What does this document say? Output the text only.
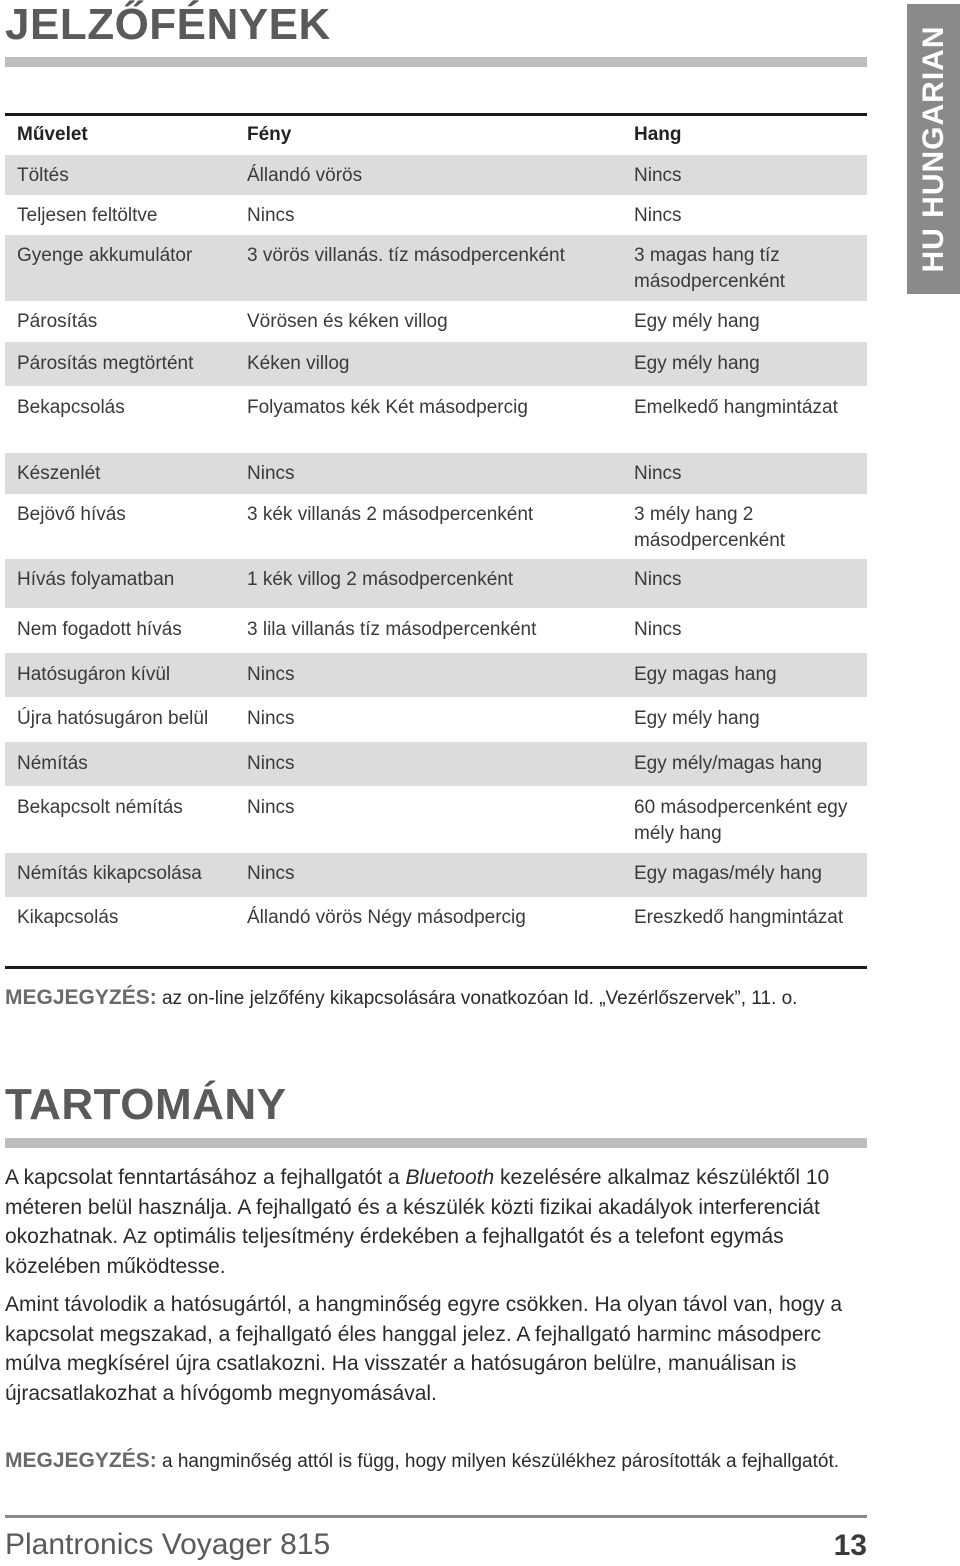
JELZŐFÉNYEK
HU HUNGARIAN
Művelet	Fény	Hang
Töltés	Állandó vörös	Nincs
Teljesen feltöltve	Nincs	Nincs
Gyenge akkumulátor	3 vörös villanás. tíz másodpercenként	3 magas hang tíz másodpercenként
Párosítás	Vörösen és kéken villog	Egy mély hang
Párosítás megtörtént	Kéken villog	Egy mély hang
Bekapcsolás	Folyamatos kék Két másodpercig	Emelkedő hangmintázat
Készenlét	Nincs	Nincs
Bejövő hívás	3 kék villanás 2 másodpercenként	3 mély hang 2 másodpercenként
Hívás folyamatban	1 kék villog 2 másodpercenként	Nincs
Nem fogadott hívás	3 lila villanás tíz másodpercenként	Nincs
Hatósugáron kívül	Nincs	Egy magas hang
Újra hatósugáron belül	Nincs	Egy mély hang
Némítás	Nincs	Egy mély/magas hang
Bekapcsolt némítás	Nincs	60 másodpercenként egy mély hang
Némítás kikapcsolása	Nincs	Egy magas/mély hang
Kikapcsolás	Állandó vörös Négy másodpercig	Ereszkedő hangmintázat
MEGJEGYZÉS: az on-line jelzőfény kikapcsolására vonatkozóan ld. „Vezérlőszervek”, 11. o.
TARTOMÁNY

A kapcsolat fenntartásához a fejhallgatót a Bluetooth kezelésére alkalmaz készüléktől 10 méteren belül használja. A fejhallgató és a készülék közti fizikai akadályok interferenciát okozhatnak. Az optimális teljesítmény érdekében a fejhallgatót és a telefont egymás közelében működtesse.

Amint távolodik a hatósugártól, a hangminőség egyre csökken. Ha olyan távol van, hogy a kapcsolat megszakad, a fejhallgató éles hanggal jelez. A fejhallgató harminc másodperc múlva megkísérel újra csatlakozni. Ha visszatér a hatósugáron belülre, manuálisan is újracsatlakozhat a hívógomb megnyomásával.

MEGJEGYZÉS: a hangminőség attól is függ, hogy milyen készülékhez párosították a fejhallgatót.
Plantronics Voyager 815	13
